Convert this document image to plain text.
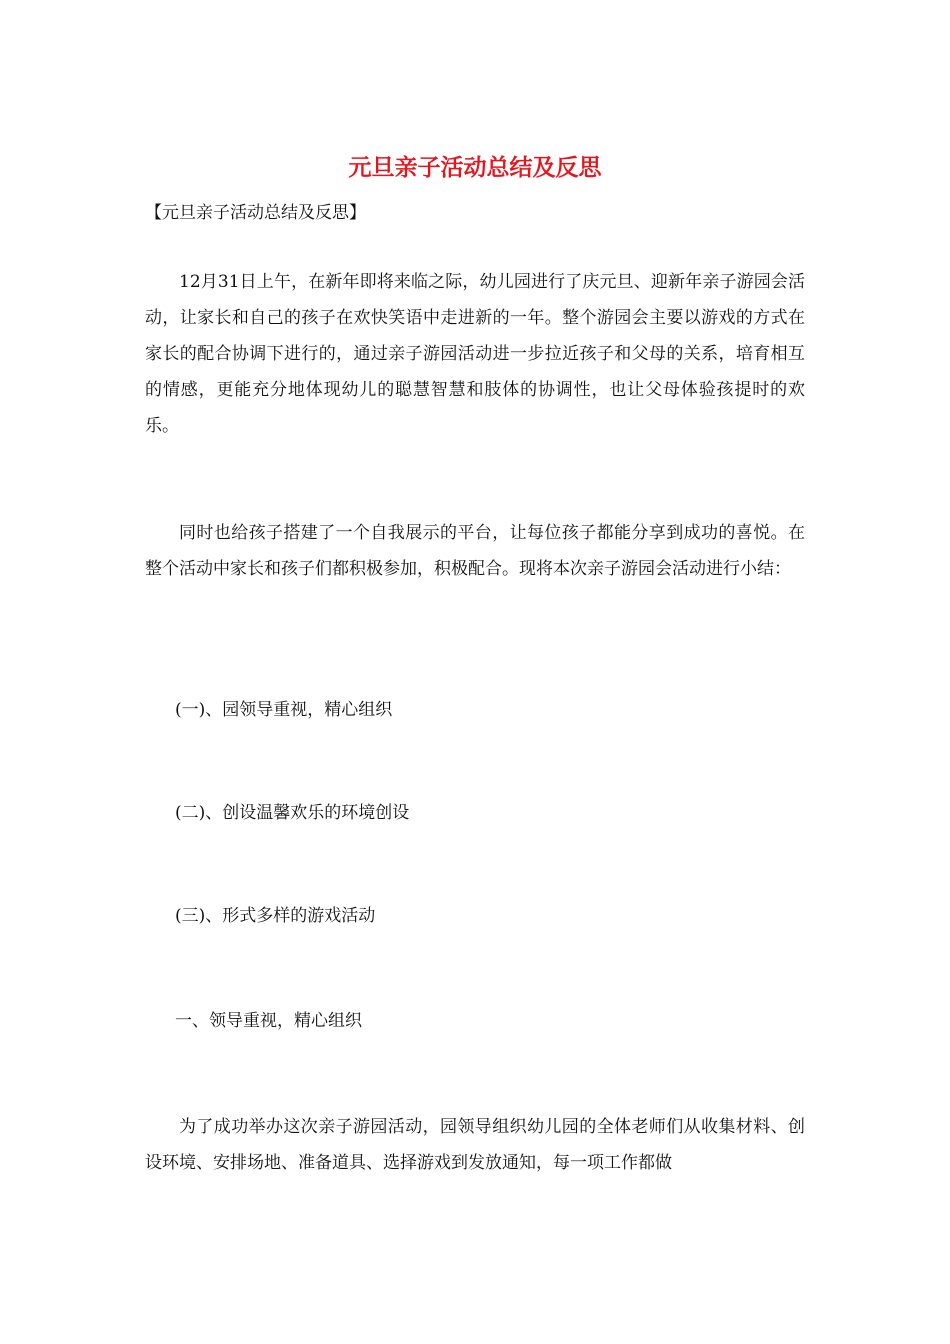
元旦亲子活动总结及反思
【元旦亲子活动总结及反思】
12月31日上午，在新年即将来临之际，幼儿园进行了庆元旦、迎新年亲子游园会活动，让家长和自己的孩子在欢快笑语中走进新的一年。整个游园会主要以游戏的方式在家长的配合协调下进行的，通过亲子游园活动进一步拉近孩子和父母的关系，培育相互的情感，更能充分地体现幼儿的聪慧智慧和肢体的协调性，也让父母体验孩提时的欢乐。
同时也给孩子搭建了一个自我展示的平台，让每位孩子都能分享到成功的喜悦。在整个活动中家长和孩子们都积极参加，积极配合。现将本次亲子游园会活动进行小结：
(一)、园领导重视，精心组织
(二)、创设温馨欢乐的环境创设
(三)、形式多样的游戏活动
一、领导重视，精心组织
为了成功举办这次亲子游园活动，园领导组织幼儿园的全体老师们从收集材料、创设环境、安排场地、准备道具、选择游戏到发放通知，每一项工作都做
